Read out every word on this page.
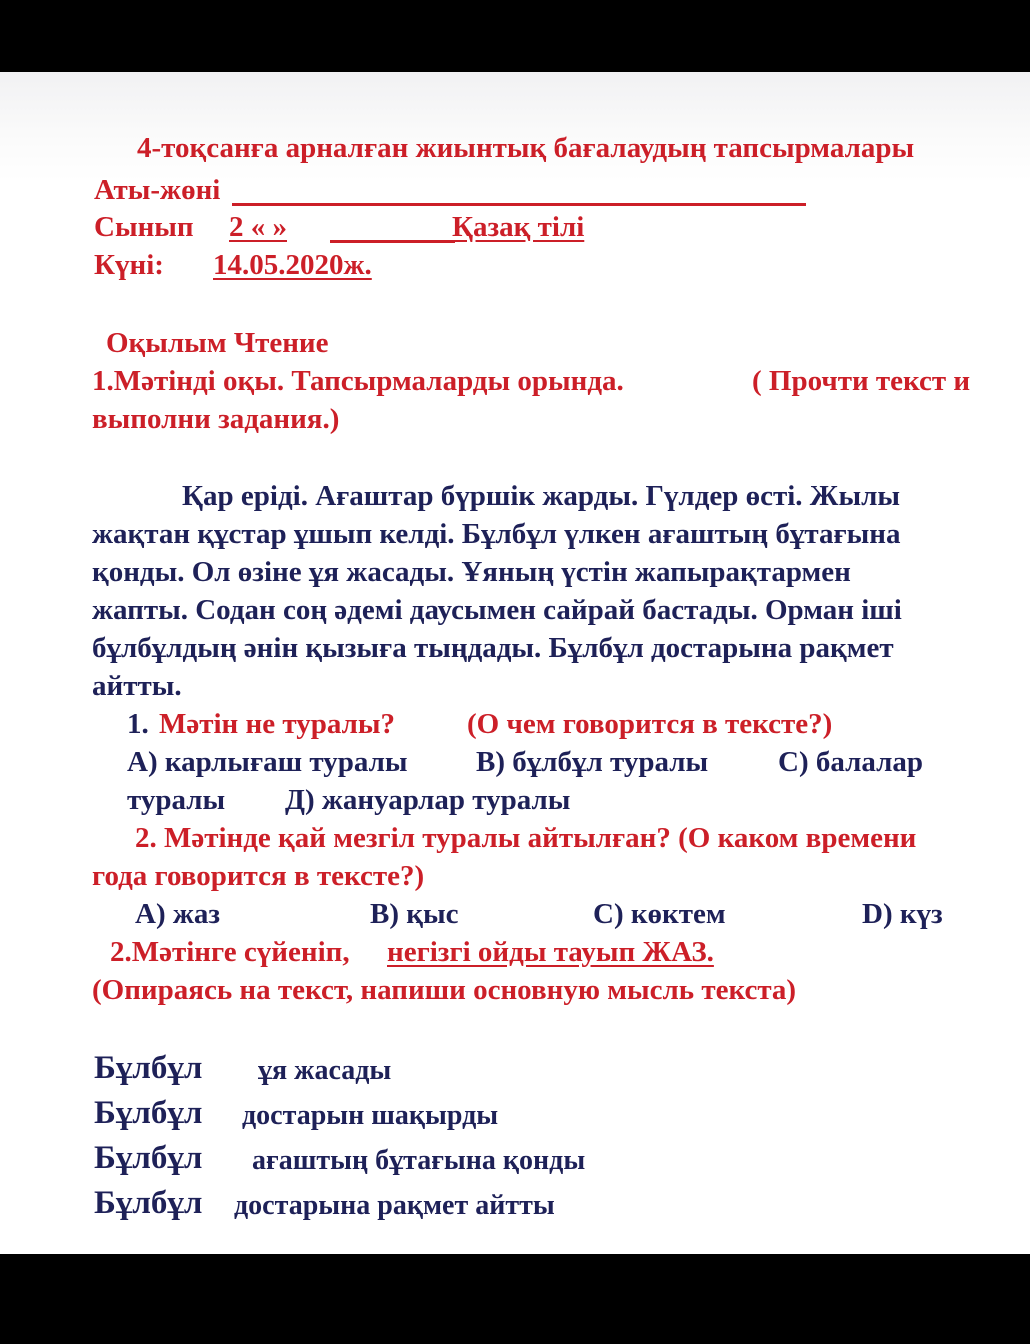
4-тоқсанға арналған жиынтық бағалаудың тапсырмалары
Аты-жөні
Сынып 2 « »	Қазақ тілі
Күні: 14.05.2020ж.
Оқылым Чтение
1.Мәтінді оқы. Тапсырмаларды орында.	( Прочти текст и
выполни задания.)
Қар еріді. Ағаштар бүршік жарды. Гүлдер өсті. Жылы
жақтан құстар ұшып келді. Бұлбұл үлкен ағаштың бұтағына
қонды. Ол өзіне ұя жасады. Ұяның үстін жапырақтармен
жапты. Содан соң әдемі даусымен сайрай бастады. Орман іші
бұлбұлдың әнін қызыға тыңдады. Бұлбұл достарына рақмет
айтты.
1. Мәтін не туралы? (О чем говорится в тексте?)
А) карлығаш туралы В) бұлбұл туралы С) балалар
туралы Д) жануарлар туралы
2. Мәтінде қай мезгіл туралы айтылған? (О каком времени
года говорится в тексте?)
А) жаз	В) қыс	С) көктем	D) күз
2.Мәтінге сүйеніп, негізгі ойды тауып ЖАЗ.
(Опираясь на текст, напиши основную мысль текста)
Бұлбұл ұя жасады
Бұлбұл достарын шақырды
Бұлбұл ағаштың бұтағына қонды
Бұлбұл достарына рақмет айтты
